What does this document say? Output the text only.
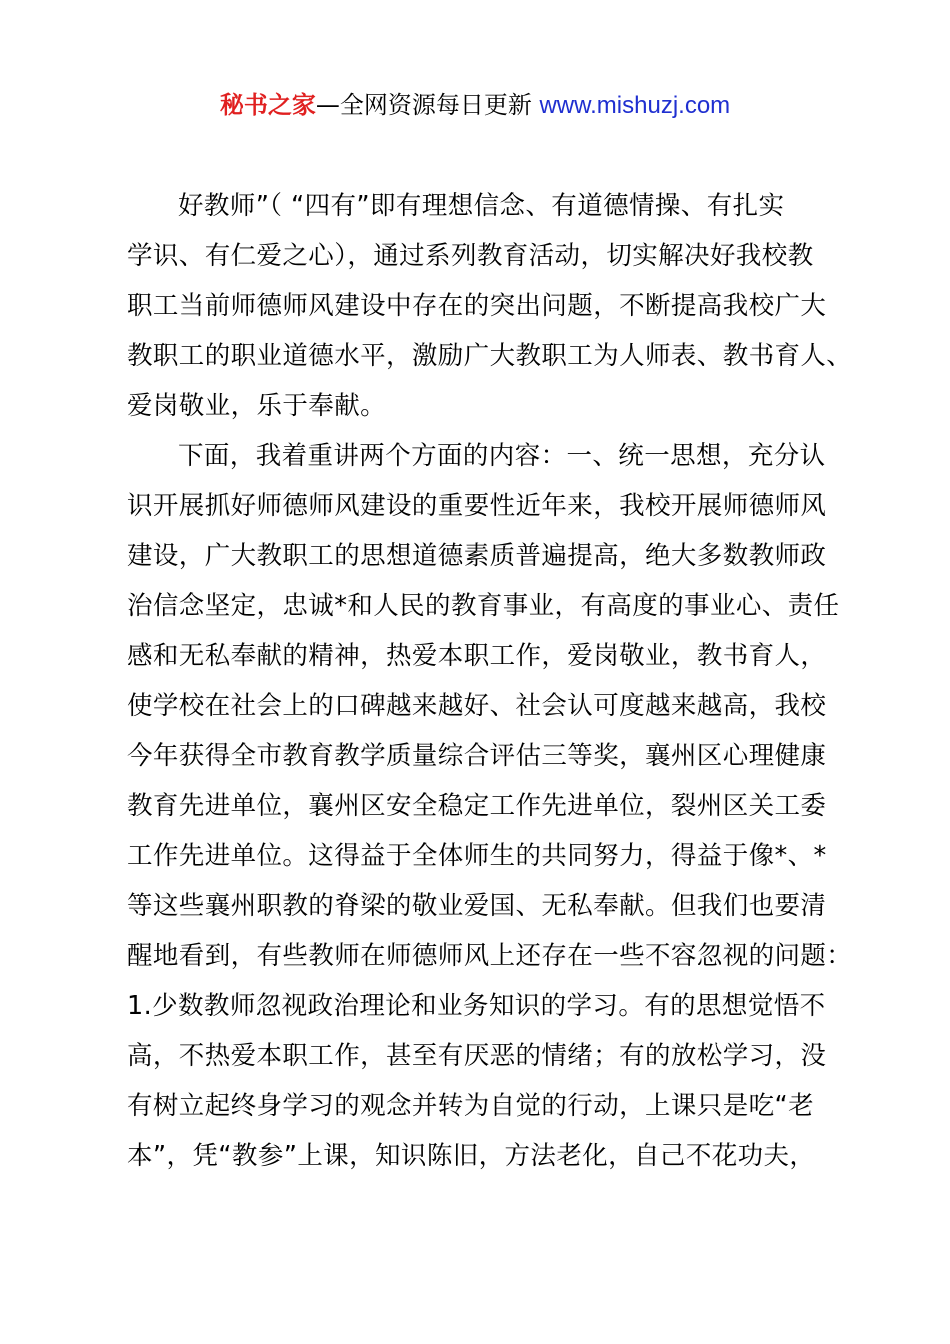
秘书之家—全网资源每日更新 www.mishuzj.com
好教师”（ “四有”即有理想信念、有道德情操、有扎实
学识、有仁爱之心），通过系列教育活动，切实解决好我校教
职工当前师德师风建设中存在的突出问题，不断提高我校广大
教职工的职业道德水平，激励广大教职工为人师表、教书育人、
爱岗敬业，乐于奉献。
下面，我着重讲两个方面的内容：一、统一思想，充分认
识开展抓好师德师风建设的重要性近年来，我校开展师德师风
建设，广大教职工的思想道德素质普遍提高，绝大多数教师政
治信念坚定，忠诚*和人民的教育事业，有高度的事业心、责任
感和无私奉献的精神，热爱本职工作，爱岗敬业，教书育人，
使学校在社会上的口碑越来越好、社会认可度越来越高，我校
今年获得全市教育教学质量综合评估三等奖，襄州区心理健康
教育先进单位，襄州区安全稳定工作先进单位，裂州区关工委
工作先进单位。这得益于全体师生的共同努力，得益于像*、*
等这些襄州职教的脊梁的敬业爱国、无私奉献。但我们也要清
醒地看到，有些教师在师德师风上还存在一些不容忽视的问题：
1.少数教师忽视政治理论和业务知识的学习。有的思想觉悟不
高，不热爱本职工作，甚至有厌恶的情绪；有的放松学习，没
有树立起终身学习的观念并转为自觉的行动，上课只是吃“老
本”，凭“教参”上课，知识陈旧，方法老化，自己不花功夫，
